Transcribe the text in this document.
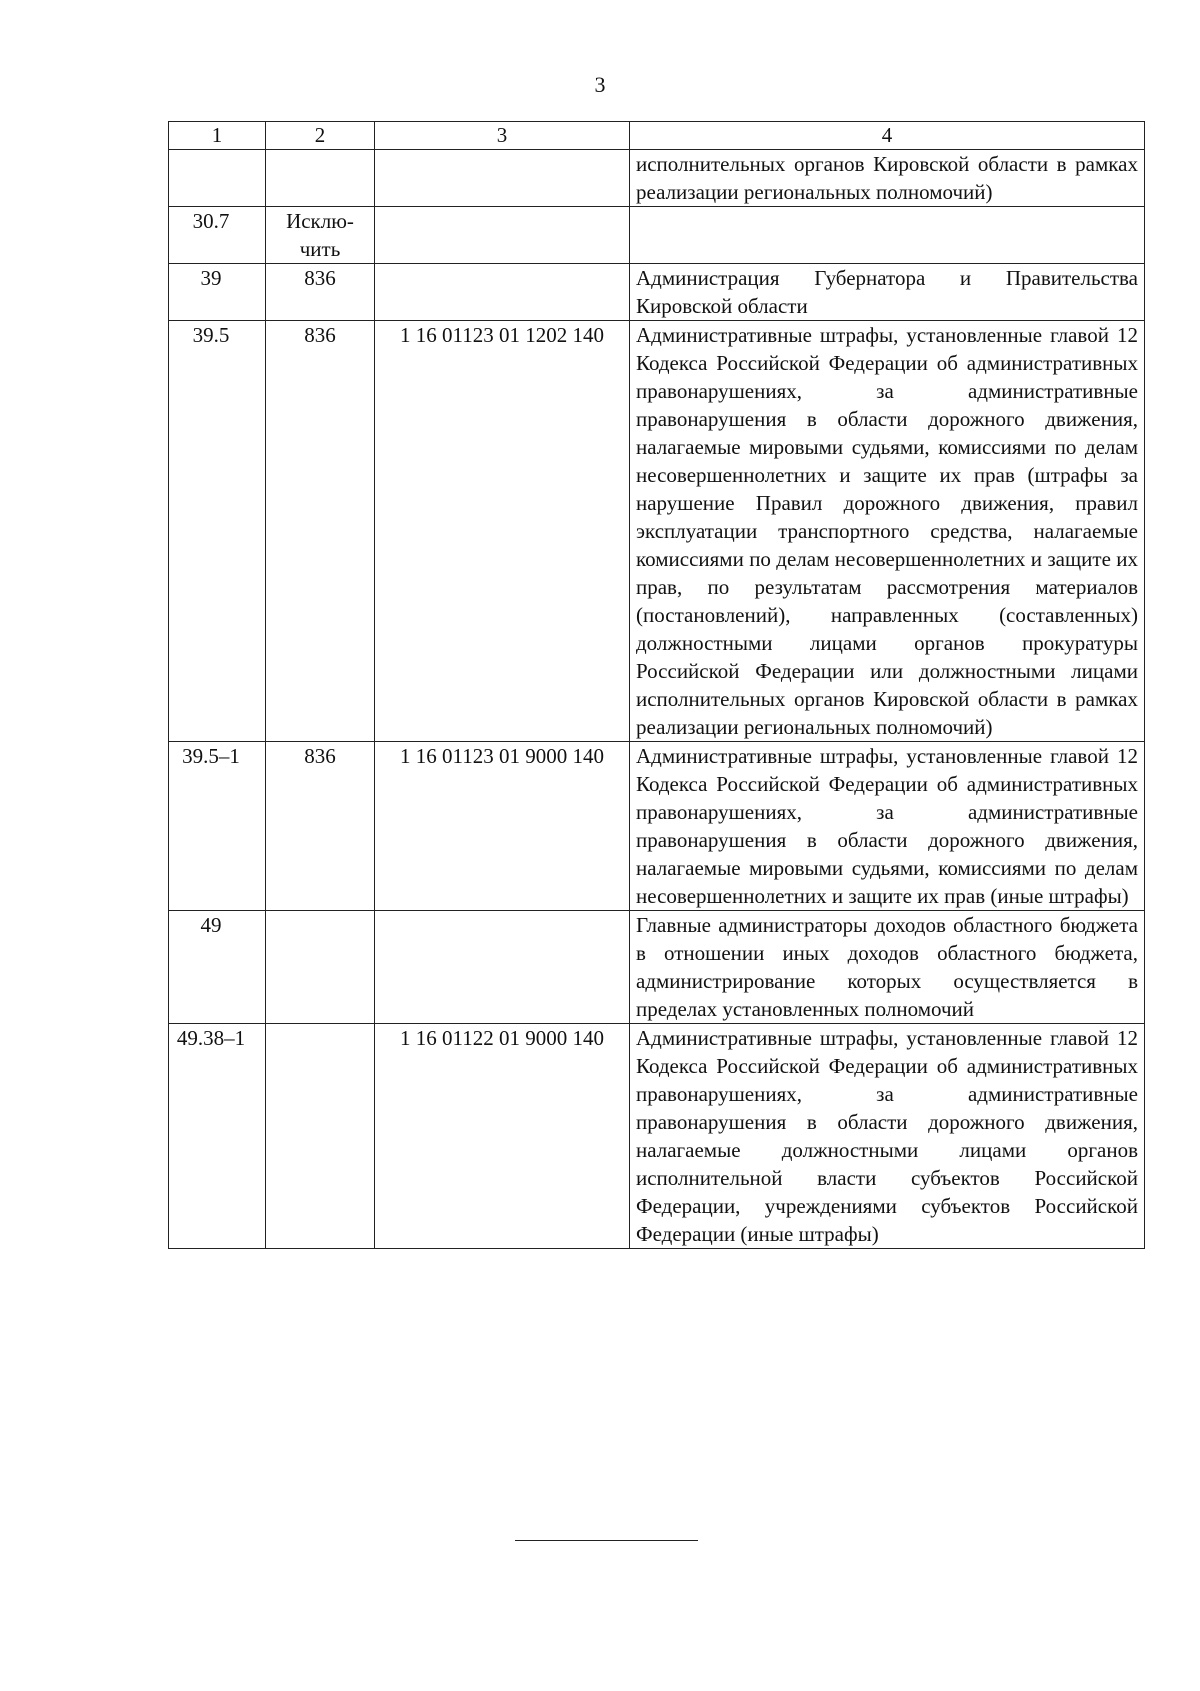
3
1	2	3	4
			исполнительных органов Кировской области в рамках реализации региональных полномочий)
30.7	Исклю-чить		
39	836		Администрация Губернатора и Правительства Кировской области
39.5	836	1 16 01123 01 1202 140	Административные штрафы, установленные главой 12 Кодекса Российской Федерации об административных правонарушениях, за административные правонарушения в области дорожного движения, налагаемые мировыми судьями, комиссиями по делам несовершеннолетних и защите их прав (штрафы за нарушение Правил дорожного движения, правил эксплуатации транспортного средства, налагаемые комиссиями по делам несовершеннолетних и защите их прав, по результатам рассмотрения материалов (постановлений), направленных (составленных) должностными лицами органов прокуратуры Российской Федерации или должностными лицами исполнительных органов Кировской области в рамках реализации региональных полномочий)
39.5–1	836	1 16 01123 01 9000 140	Административные штрафы, установленные главой 12 Кодекса Российской Федерации об административных правонарушениях, за административные правонарушения в области дорожного движения, налагаемые мировыми судьями, комиссиями по делам несовершеннолетних и защите их прав (иные штрафы)
49			Главные администраторы доходов областного бюджета в отношении иных доходов областного бюджета, администрирование которых осуществляется в пределах установленных полномочий
49.38–1		1 16 01122 01 9000 140	Административные штрафы, установленные главой 12 Кодекса Российской Федерации об административных правонарушениях, за административные правонарушения в области дорожного движения, налагаемые должностными лицами органов исполнительной власти субъектов Российской Федерации, учреждениями субъектов Российской Федерации (иные штрафы)
